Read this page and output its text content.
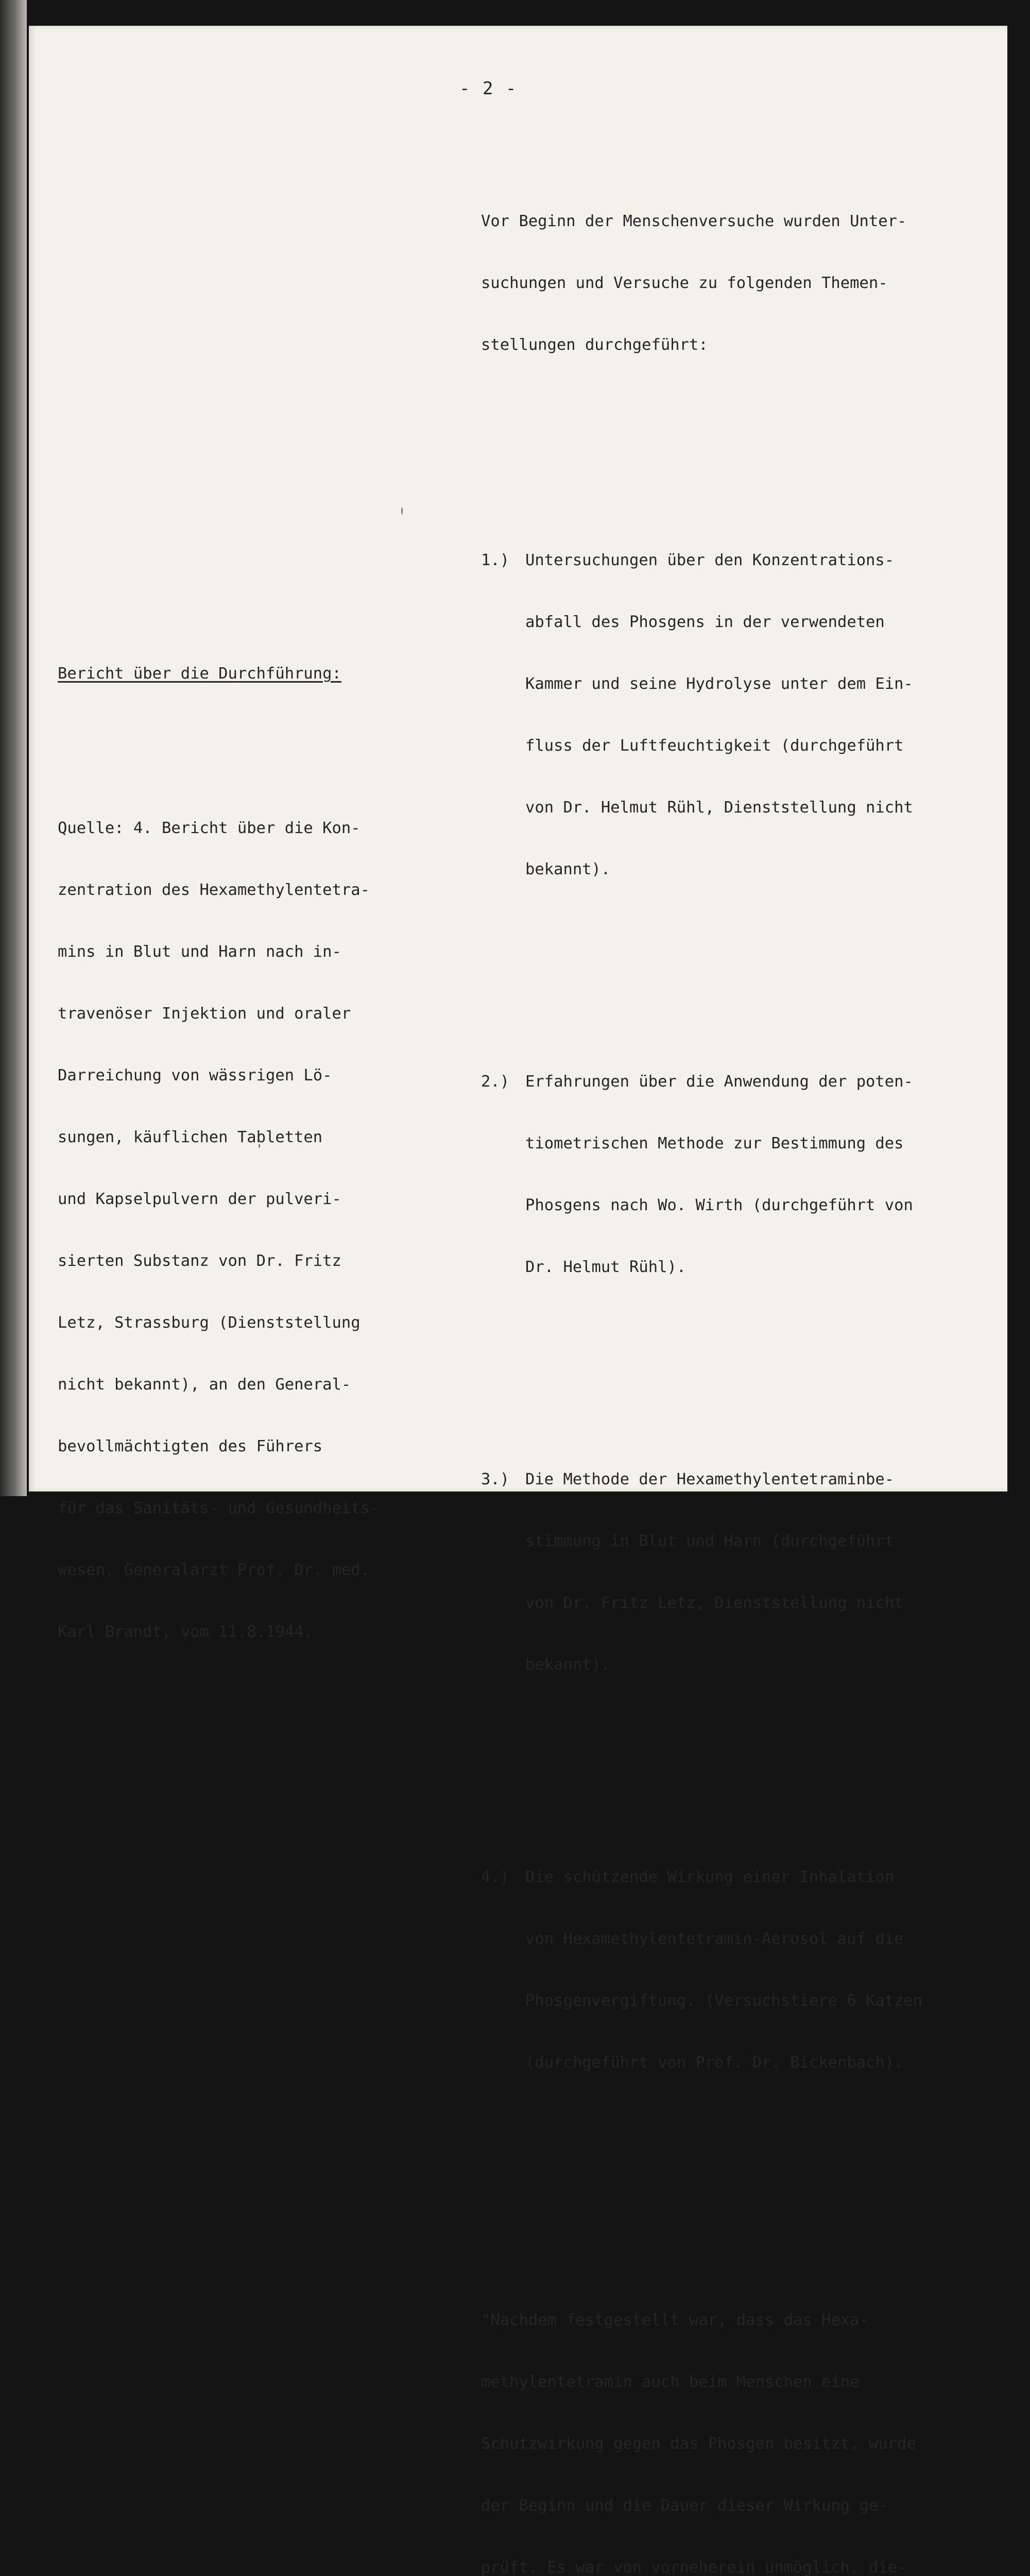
- 2 -

Vor Beginn der Menschenversuche wurden Unter-

suchungen und Versuche zu folgenden Themen-

stellungen durchgeführt:

1.) Untersuchungen über den Konzentrations-

abfall des Phosgens in der verwendeten

Kammer und seine Hydrolyse unter dem Ein-

fluss der Luftfeuchtigkeit (durchgeführt

von Dr. Helmut Rühl, Dienststellung nicht

bekannt).

2.) Erfahrungen über die Anwendung der poten-

tiometrischen Methode zur Bestimmung des

Phosgens nach Wo. Wirth (durchgeführt von

Dr. Helmut Rühl).

3.) Die Methode der Hexamethylentetraminbe-

stimmung in Blut und Harn (durchgeführt

von Dr. Fritz Letz, Dienststellung nicht

bekannt).

4.) Die schützende Wirkung einer Inhalation

von Hexamethylentetramin-Aerosol auf die

Phosgenvergiftung. (Versuchstiere 6 Katzen

(durchgeführt von Prof. Dr. Bickenbach).

"Nachdem festgestellt war, dass das Hexa-

methylentetramin auch beim Menschen eine

Schutzwirkung gegen das Phosgen besitzt, wurde

der Beginn und die Dauer dieser Wirkung ge-

prüft. Es war von vorneherein unmöglich, die-

Bericht über die Durchführung:

Quelle: 4. Bericht über die Kon-

zentration des Hexamethylentetra-

mins in Blut und Harn nach in-

travenöser Injektion und oraler

Darreichung von wässrigen Lö-

sungen, käuflichen Tabletten

und Kapselpulvern der pulveri-

sierten Substanz von Dr. Fritz

Letz, Strassburg (Dienststellung

nicht bekannt), an den General-

bevollmächtigten des Führers

für das Sanitäts- und Gesundheits-

wesen, Generalarzt Prof. Dr. med.

Karl Brandt, vom 11.8.1944.
